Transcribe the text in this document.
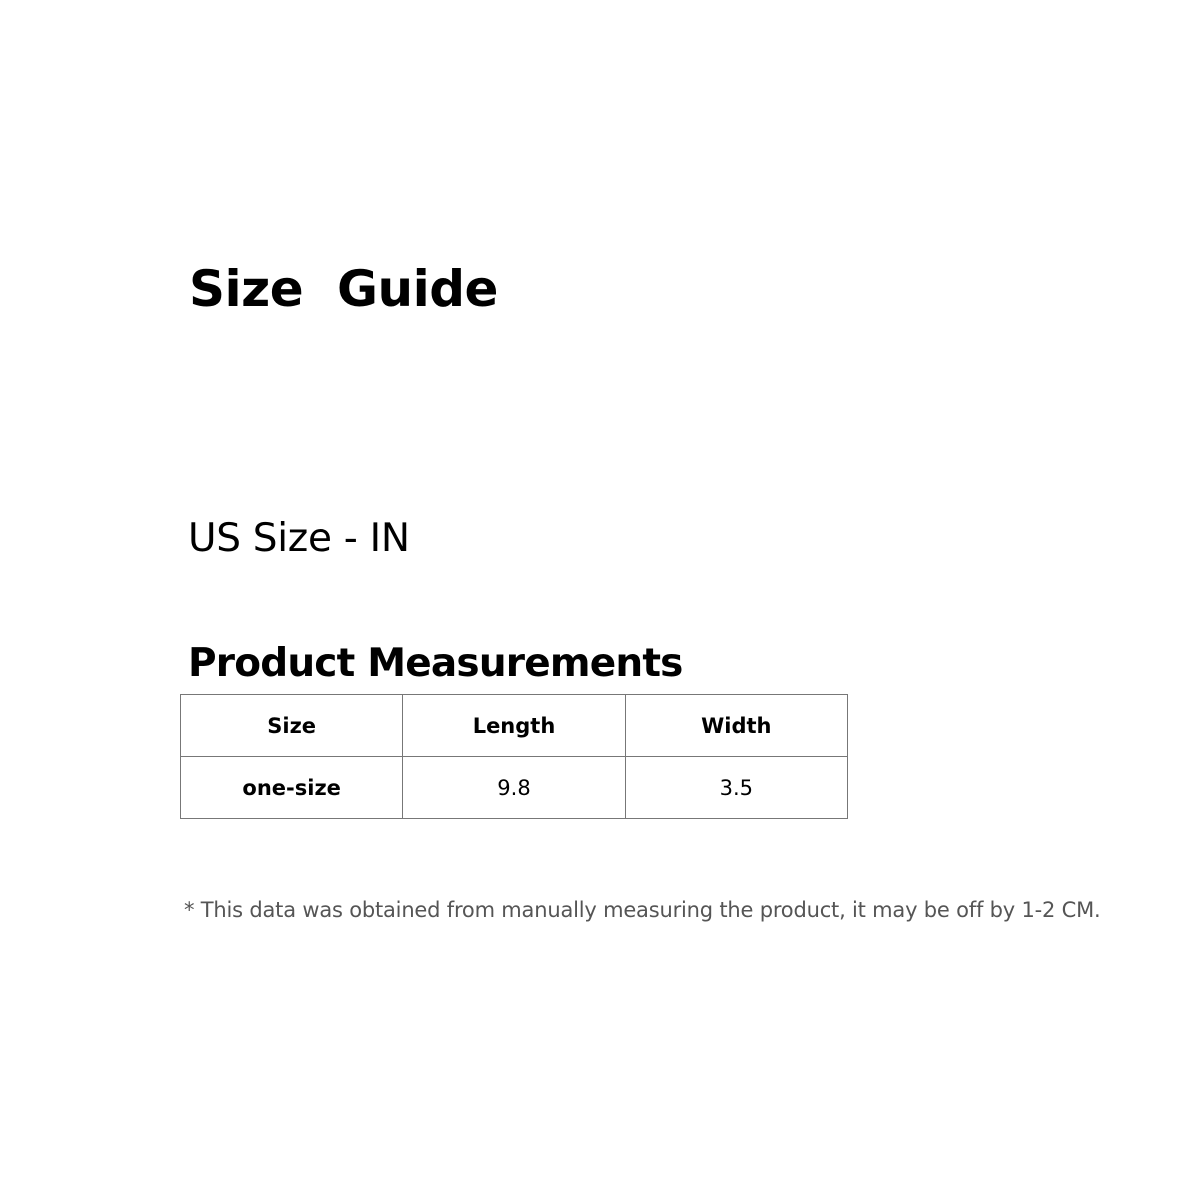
Size  Guide
US Size - IN
Product Measurements
Size	Length	Width
one-size	9.8	3.5

* This data was obtained from manually measuring the product, it may be off by 1-2 CM.
